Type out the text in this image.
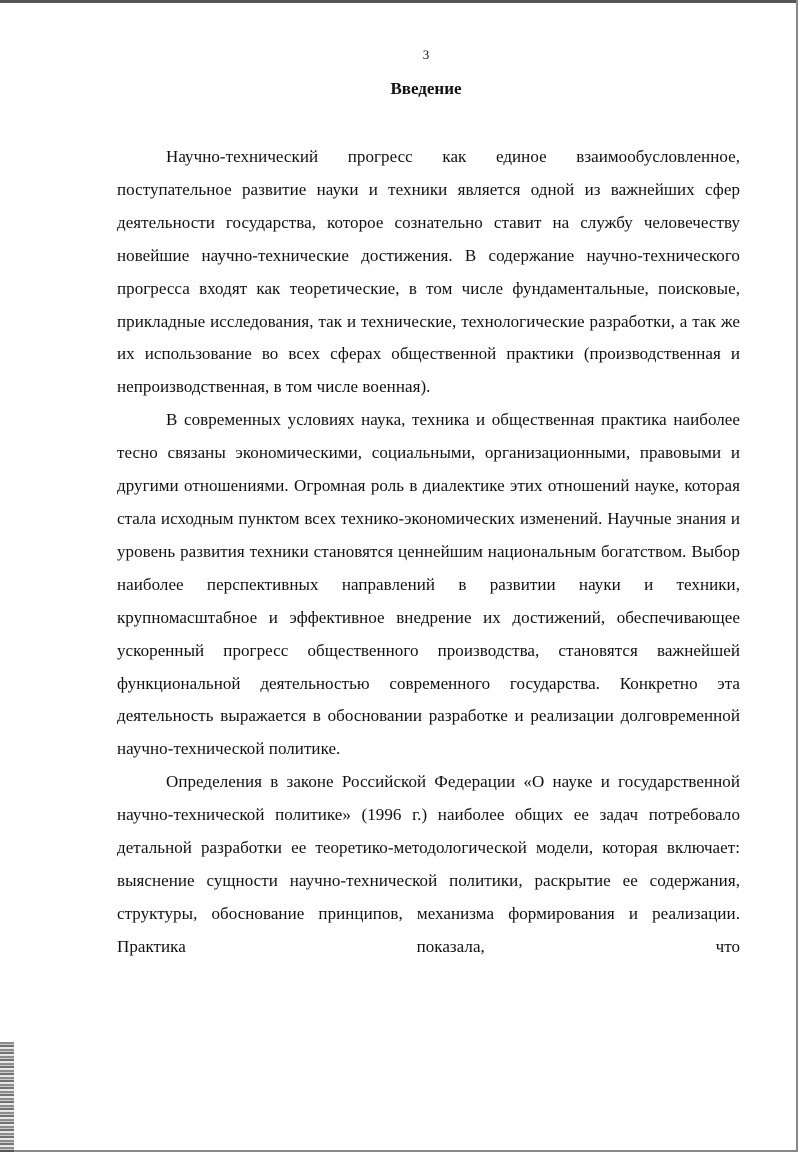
3
Введение

Научно-технический прогресс как единое взаимообусловленное, поступательное развитие науки и техники является одной из важнейших сфер деятельности государства, которое сознательно ставит на службу человечеству новейшие научно-технические достижения. В содержание научно-технического прогресса входят как теоретические, в том числе фундаментальные, поисковые, прикладные исследования, так и технические, технологические разработки, а так же их использование во всех сферах общественной практики (производственная и непроизводственная, в том числе военная).

В современных условиях наука, техника и общественная практика наиболее тесно связаны экономическими, социальными, организационными, правовыми и другими отношениями. Огромная роль в диалектике этих отношений науке, которая стала исходным пунктом всех технико-экономических изменений. Научные знания и уровень развития техники становятся ценнейшим национальным богатством. Выбор наиболее перспективных направлений в развитии науки и техники, крупномасштабное и эффективное внедрение их достижений, обеспечивающее ускоренный прогресс общественного производства, становятся важнейшей функциональной деятельностью современного государства. Конкретно эта деятельность выражается в обосновании разработке и реализации долговременной научно-технической политике.

Определения в законе Российской Федерации «О науке и государственной научно-технической политике» (1996 г.) наиболее общих ее задач потребовало детальной разработки ее теоретико-методологической модели, которая включает: выяснение сущности научно-технической политики, раскрытие ее содержания, структуры, обоснование принципов, механизма формирования и реализации. Практика показала, что
